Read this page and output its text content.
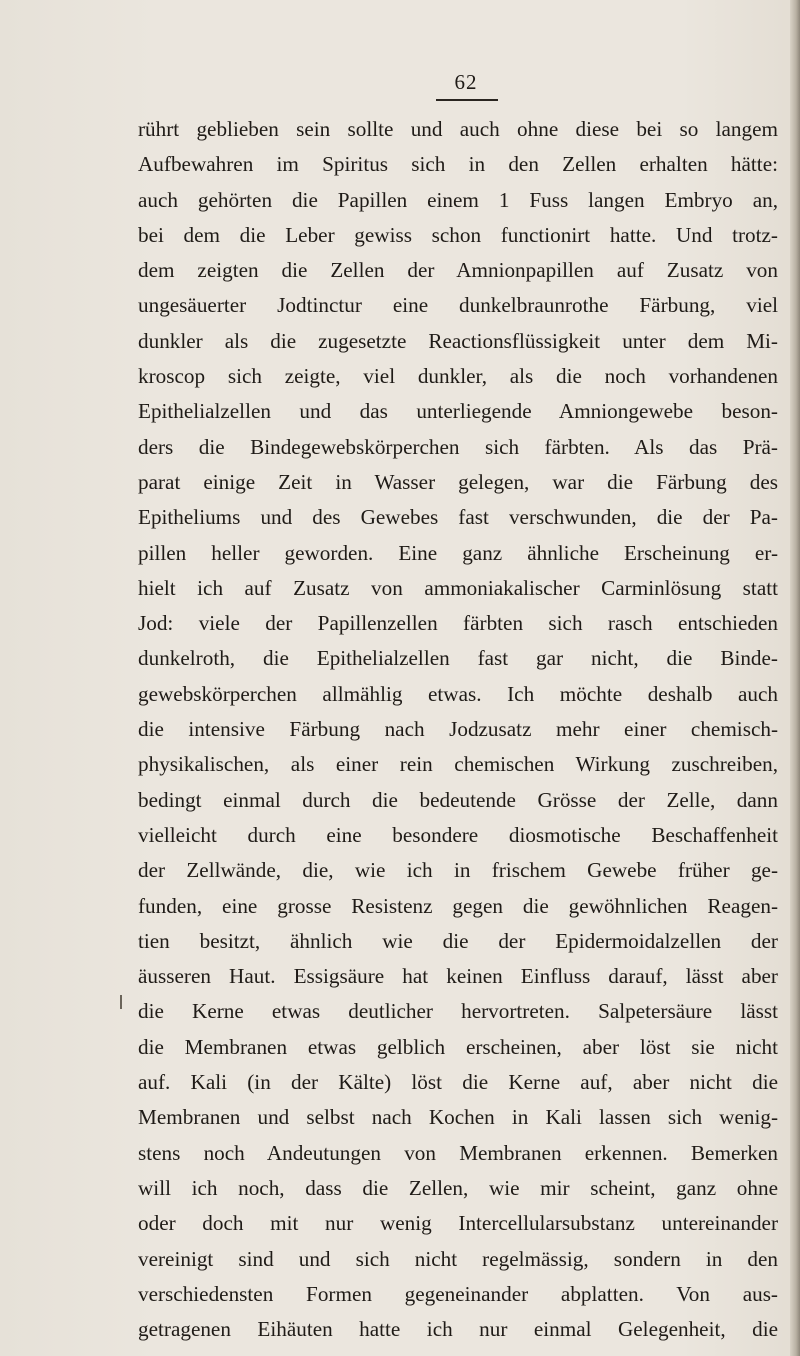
62
rührt geblieben sein sollte und auch ohne diese bei so langem
Aufbewahren im Spiritus sich in den Zellen erhalten hätte:
auch gehörten die Papillen einem 1 Fuss langen Embryo an,
bei dem die Leber gewiss schon functionirt hatte. Und trotz-
dem zeigten die Zellen der Amnionpapillen auf Zusatz von
ungesäuerter Jodtinctur eine dunkelbraunrothe Färbung, viel
dunkler als die zugesetzte Reactionsflüssigkeit unter dem Mi-
kroscop sich zeigte, viel dunkler, als die noch vorhandenen
Epithelialzellen und das unterliegende Amniongewebe beson-
ders die Bindegewebskörperchen sich färbten. Als das Prä-
parat einige Zeit in Wasser gelegen, war die Färbung des
Epitheliums und des Gewebes fast verschwunden, die der Pa-
pillen heller geworden. Eine ganz ähnliche Erscheinung er-
hielt ich auf Zusatz von ammoniakalischer Carminlösung statt
Jod: viele der Papillenzellen färbten sich rasch entschieden
dunkelroth, die Epithelialzellen fast gar nicht, die Binde-
gewebskörperchen allmählig etwas. Ich möchte deshalb auch
die intensive Färbung nach Jodzusatz mehr einer chemisch-
physikalischen, als einer rein chemischen Wirkung zuschreiben,
bedingt einmal durch die bedeutende Grösse der Zelle, dann
vielleicht durch eine besondere diosmotische Beschaffenheit
der Zellwände, die, wie ich in frischem Gewebe früher ge-
funden, eine grosse Resistenz gegen die gewöhnlichen Reagen-
tien besitzt, ähnlich wie die der Epidermoidalzellen der
äusseren Haut. Essigsäure hat keinen Einfluss darauf, lässt aber
die Kerne etwas deutlicher hervortreten. Salpetersäure lässt
die Membranen etwas gelblich erscheinen, aber löst sie nicht
auf. Kali (in der Kälte) löst die Kerne auf, aber nicht die
Membranen und selbst nach Kochen in Kali lassen sich wenig-
stens noch Andeutungen von Membranen erkennen. Bemerken
will ich noch, dass die Zellen, wie mir scheint, ganz ohne
oder doch mit nur wenig Intercellularsubstanz untereinander
vereinigt sind und sich nicht regelmässig, sondern in den
verschiedensten Formen gegeneinander abplatten. Von aus-
getragenen Eihäuten hatte ich nur einmal Gelegenheit, die
